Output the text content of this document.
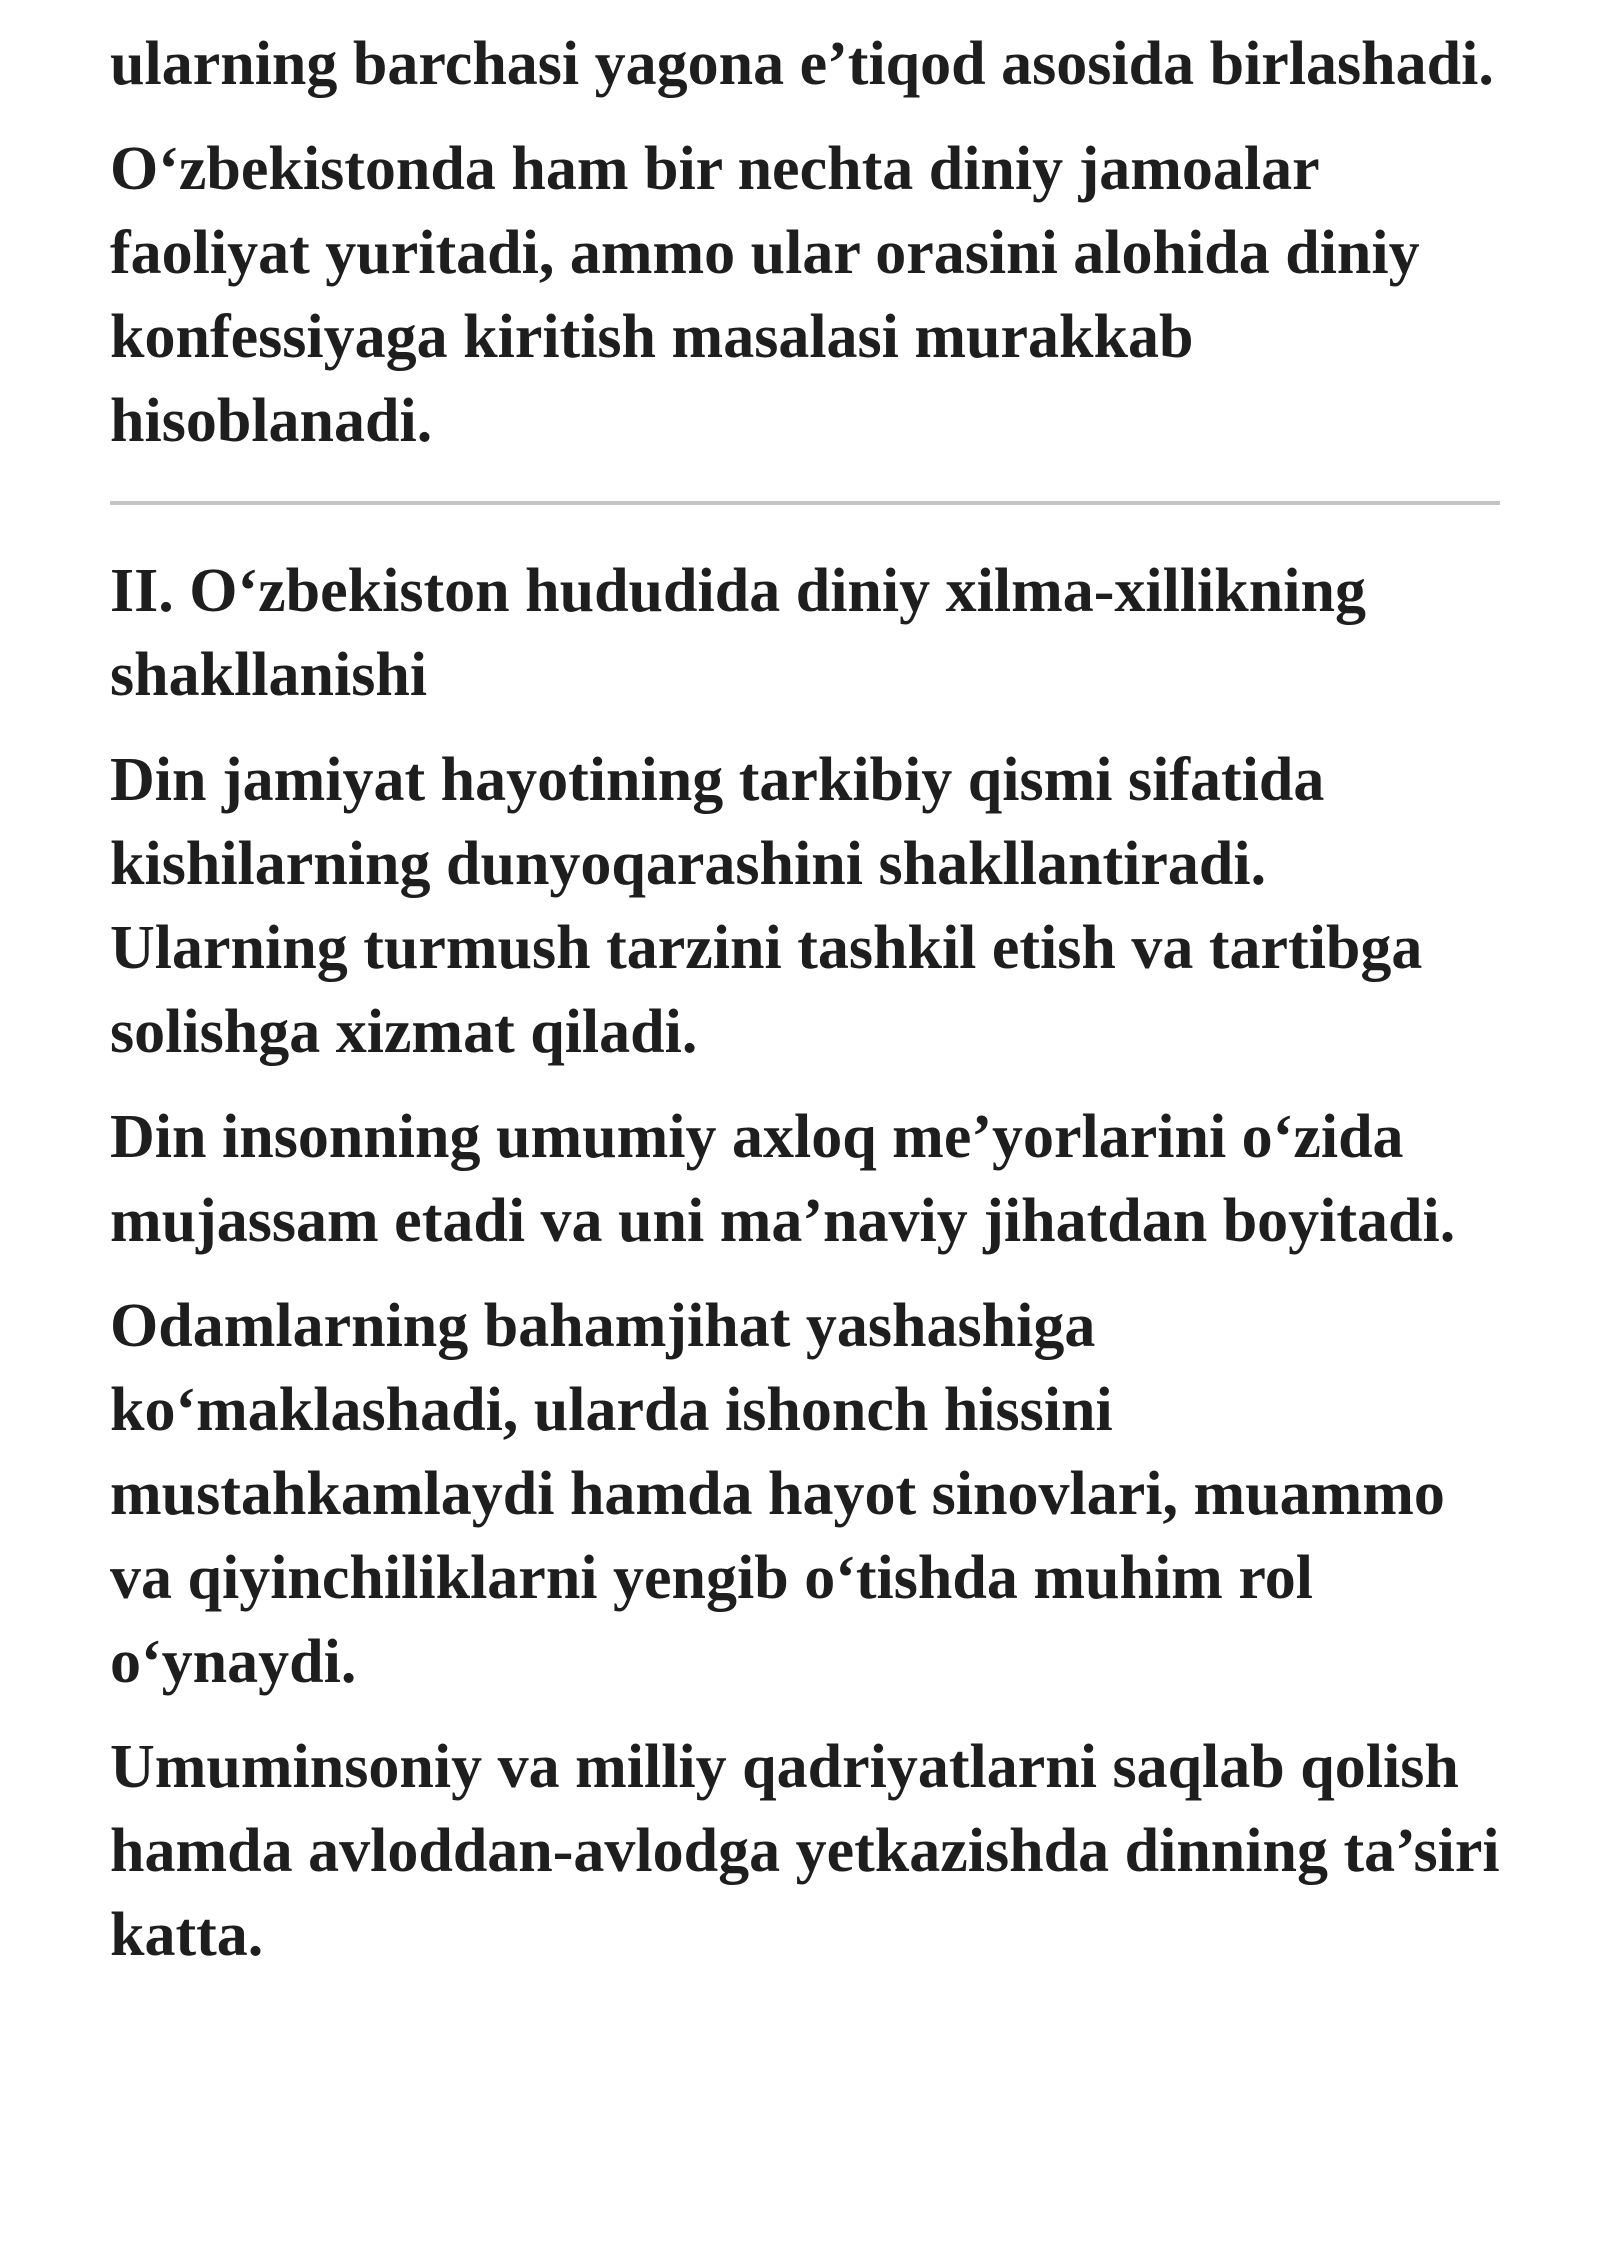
ularning barchasi yagona e’tiqod asosida birlashadi.

O‘zbekistonda ham bir nechta diniy jamoalar faoliyat yuritadi, ammo ular orasini alohida diniy konfessiyaga kiritish masalasi murakkab hisoblanadi.

II. O‘zbekiston hududida diniy xilma-xillikning shakllanishi

Din jamiyat hayotining tarkibiy qismi sifatida kishilarning dunyoqarashini shakllantiradi. Ularning turmush tarzini tashkil etish va tartibga solishga xizmat qiladi.

Din insonning umumiy axloq me’yorlarini o‘zida mujassam etadi va uni ma’naviy jihatdan boyitadi.

Odamlarning bahamjihat yashashiga ko‘maklashadi, ularda ishonch hissini mustahkamlaydi hamda hayot sinovlari, muammo va qiyinchiliklarni yengib o‘tishda muhim rol o‘ynaydi.

Umuminsoniy va milliy qadriyatlarni saqlab qolish hamda avloddan-avlodga yetkazishda dinning ta’siri katta.
